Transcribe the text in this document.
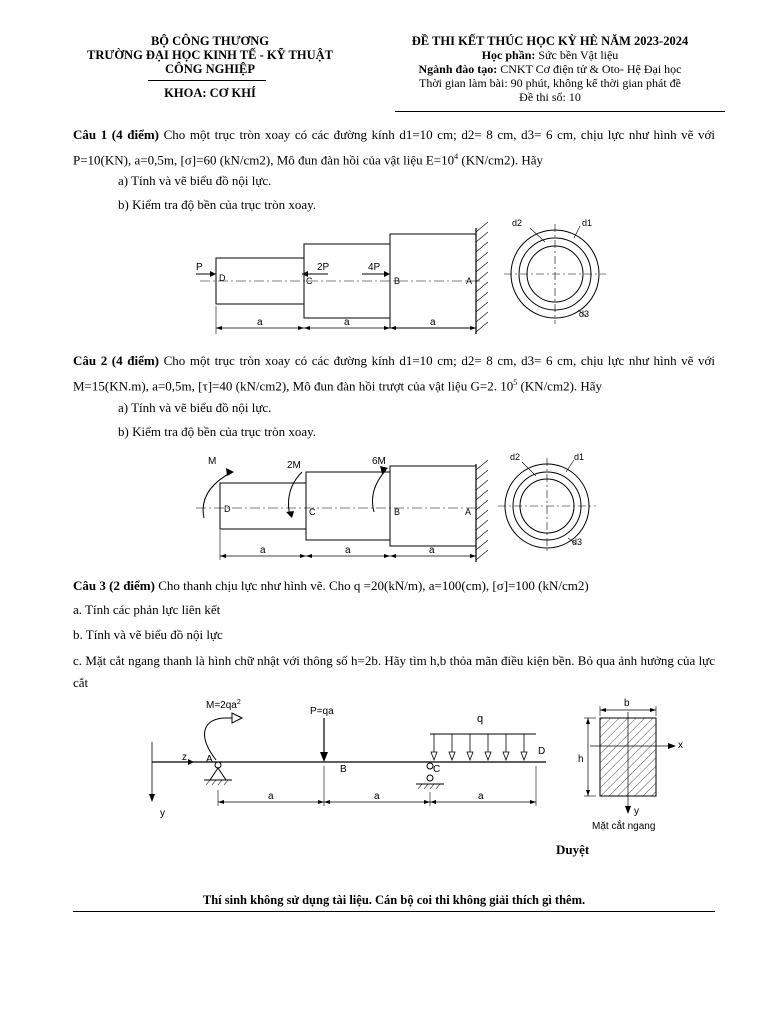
BỘ CÔNG THƯƠNG
TRƯỜNG ĐẠI HỌC KINH TẾ - KỸ THUẬT
CÔNG NGHIỆP
KHOA: CƠ KHÍ
ĐỀ THI KẾT THÚC HỌC KỲ HÈ NĂM 2023-2024
Học phần: Sức bền Vật liệu
Ngành đào tạo: CNKT Cơ điện tử & Oto- Hệ Đại học
Thời gian làm bài: 90 phút, không kể thời gian phát đề
Đề thi số: 10
Câu 1 (4 điểm) Cho một trục tròn xoay có các đường kính d1=10 cm; d2= 8 cm, d3= 6 cm, chịu lực như hình vẽ với P=10(KN), a=0,5m, [σ]=60 (kN/cm2), Mô đun đàn hồi của vật liệu $E=10^4$ (KN/cm2). Hãy
a) Tính và vẽ biểu đồ nội lực.
b) Kiểm tra độ bền của trục tròn xoay.
P	2P	4P
D	C	B	A
a	a	a
d2	d1
d3
Câu 2 (4 điểm) Cho một trục tròn xoay có các đường kính d1=10 cm; d2= 8 cm, d3= 6 cm, chịu lực như hình vẽ với M=15(KN.m), a=0,5m, [τ]=40 (kN/cm2), Mô đun đàn hồi trượt của vật liệu G=2. $10^5$ (KN/cm2). Hãy
a) Tính và vẽ biểu đồ nội lực.
b) Kiểm tra độ bền của trục tròn xoay.
M	2M	6M
D	C	B	A
a	a	a
d2	d1
d3
Câu 3 (2 điểm) Cho thanh chịu lực như hình vẽ. Cho q =20(kN/m), a=100(cm), [σ]=100 (kN/cm2)
a. Tính các phản lực liên kết
b. Tính và vẽ biểu đồ nội lực
c. Mặt cắt ngang thanh là hình chữ nhật với thông số h=2b. Hãy tìm h,b thỏa mãn điều kiện bền. Bỏ qua ảnh hưởng của lực cắt
z
y
A
$M=2qa^2$
P=qa
B
q
D
C
a	a	a
b
h
x
y
Mặt cắt ngang
Duyệt
Thí sinh không sử dụng tài liệu. Cán bộ coi thi không giải thích gì thêm.
